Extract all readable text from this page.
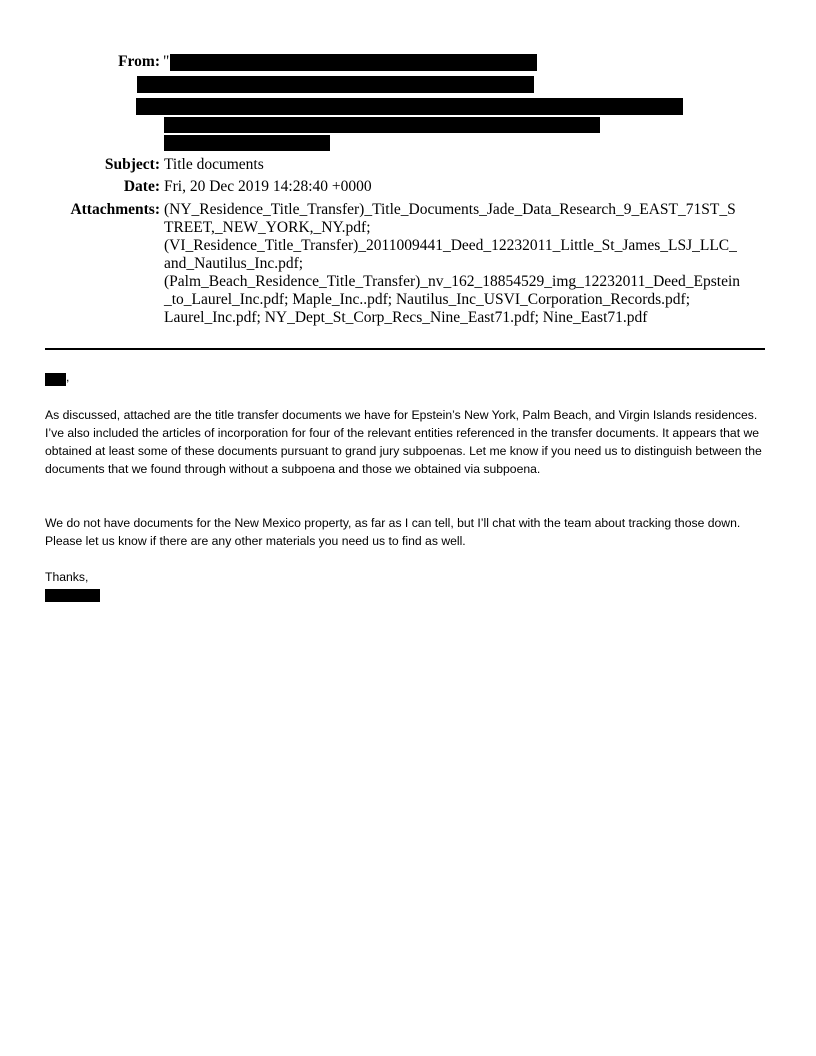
From: "
Subject: Title documents
Date: Fri, 20 Dec 2019 14:28:40 +0000
Attachments: (NY_Residence_Title_Transfer)_Title_Documents_Jade_Data_Research_9_EAST_71ST_S
TREET,_NEW_YORK,_NY.pdf;
(VI_Residence_Title_Transfer)_2011009441_Deed_12232011_Little_St_James_LSJ_LLC_
and_Nautilus_Inc.pdf;
(Palm_Beach_Residence_Title_Transfer)_nv_162_18854529_img_12232011_Deed_Epstein
_to_Laurel_Inc.pdf; Maple_Inc..pdf; Nautilus_Inc_USVI_Corporation_Records.pdf;
Laurel_Inc.pdf; NY_Dept_St_Corp_Recs_Nine_East71.pdf; Nine_East71.pdf
,
As discussed, attached are the title transfer documents we have for Epstein’s New York, Palm Beach, and Virgin Islands residences. I’ve also included the articles of incorporation for four of the relevant entities referenced in the transfer documents. It appears that we obtained at least some of these documents pursuant to grand jury subpoenas. Let me know if you need us to distinguish between the documents that we found through without a subpoena and those we obtained via subpoena.
We do not have documents for the New Mexico property, as far as I can tell, but I’ll chat with the team about tracking those down. Please let us know if there are any other materials you need us to find as well.
Thanks,
